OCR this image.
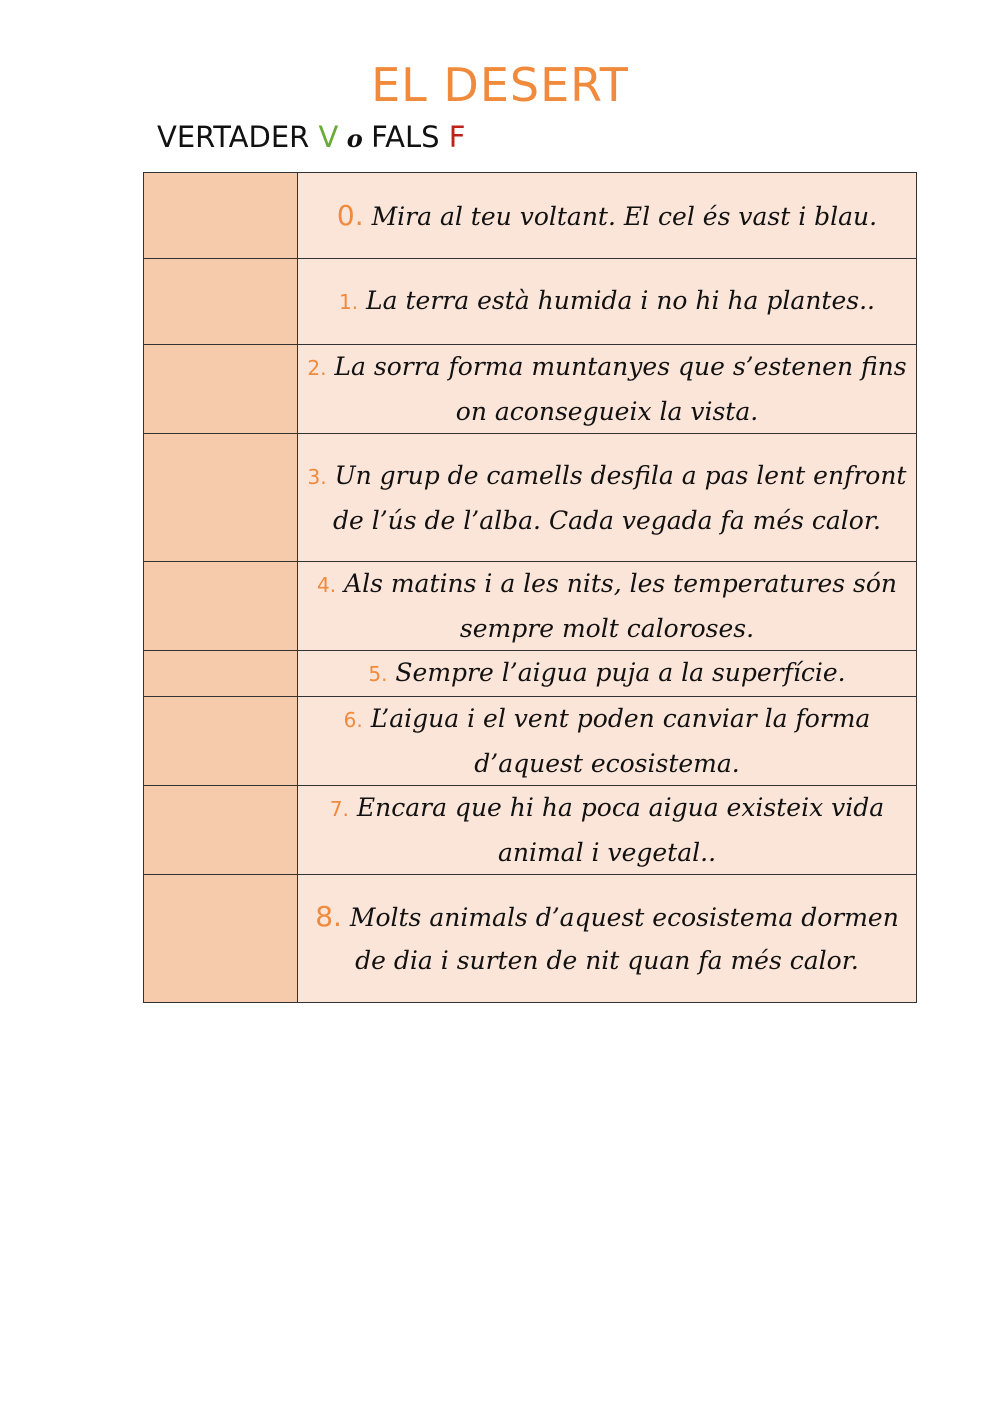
EL DESERT
VERTADER V o FALS F
	0. Mira al teu voltant. El cel és vast i blau.
	1. La terra està humida i no hi ha plantes..
	2. La sorra forma muntanyes que s’estenen fins on aconsegueix la vista.
	3. Un grup de camells desfila a pas lent enfront de l’ús de l’alba. Cada vegada fa més calor.
	4. Als matins i a les nits, les temperatures són sempre molt caloroses.
	5. Sempre l’aigua puja a la superfície.
	6. L’aigua i el vent poden canviar la forma d’aquest ecosistema.
	7. Encara que hi ha poca aigua existeix vida animal i vegetal..
	8. Molts animals d’aquest ecosistema dormen de dia i surten de nit quan fa més calor.
